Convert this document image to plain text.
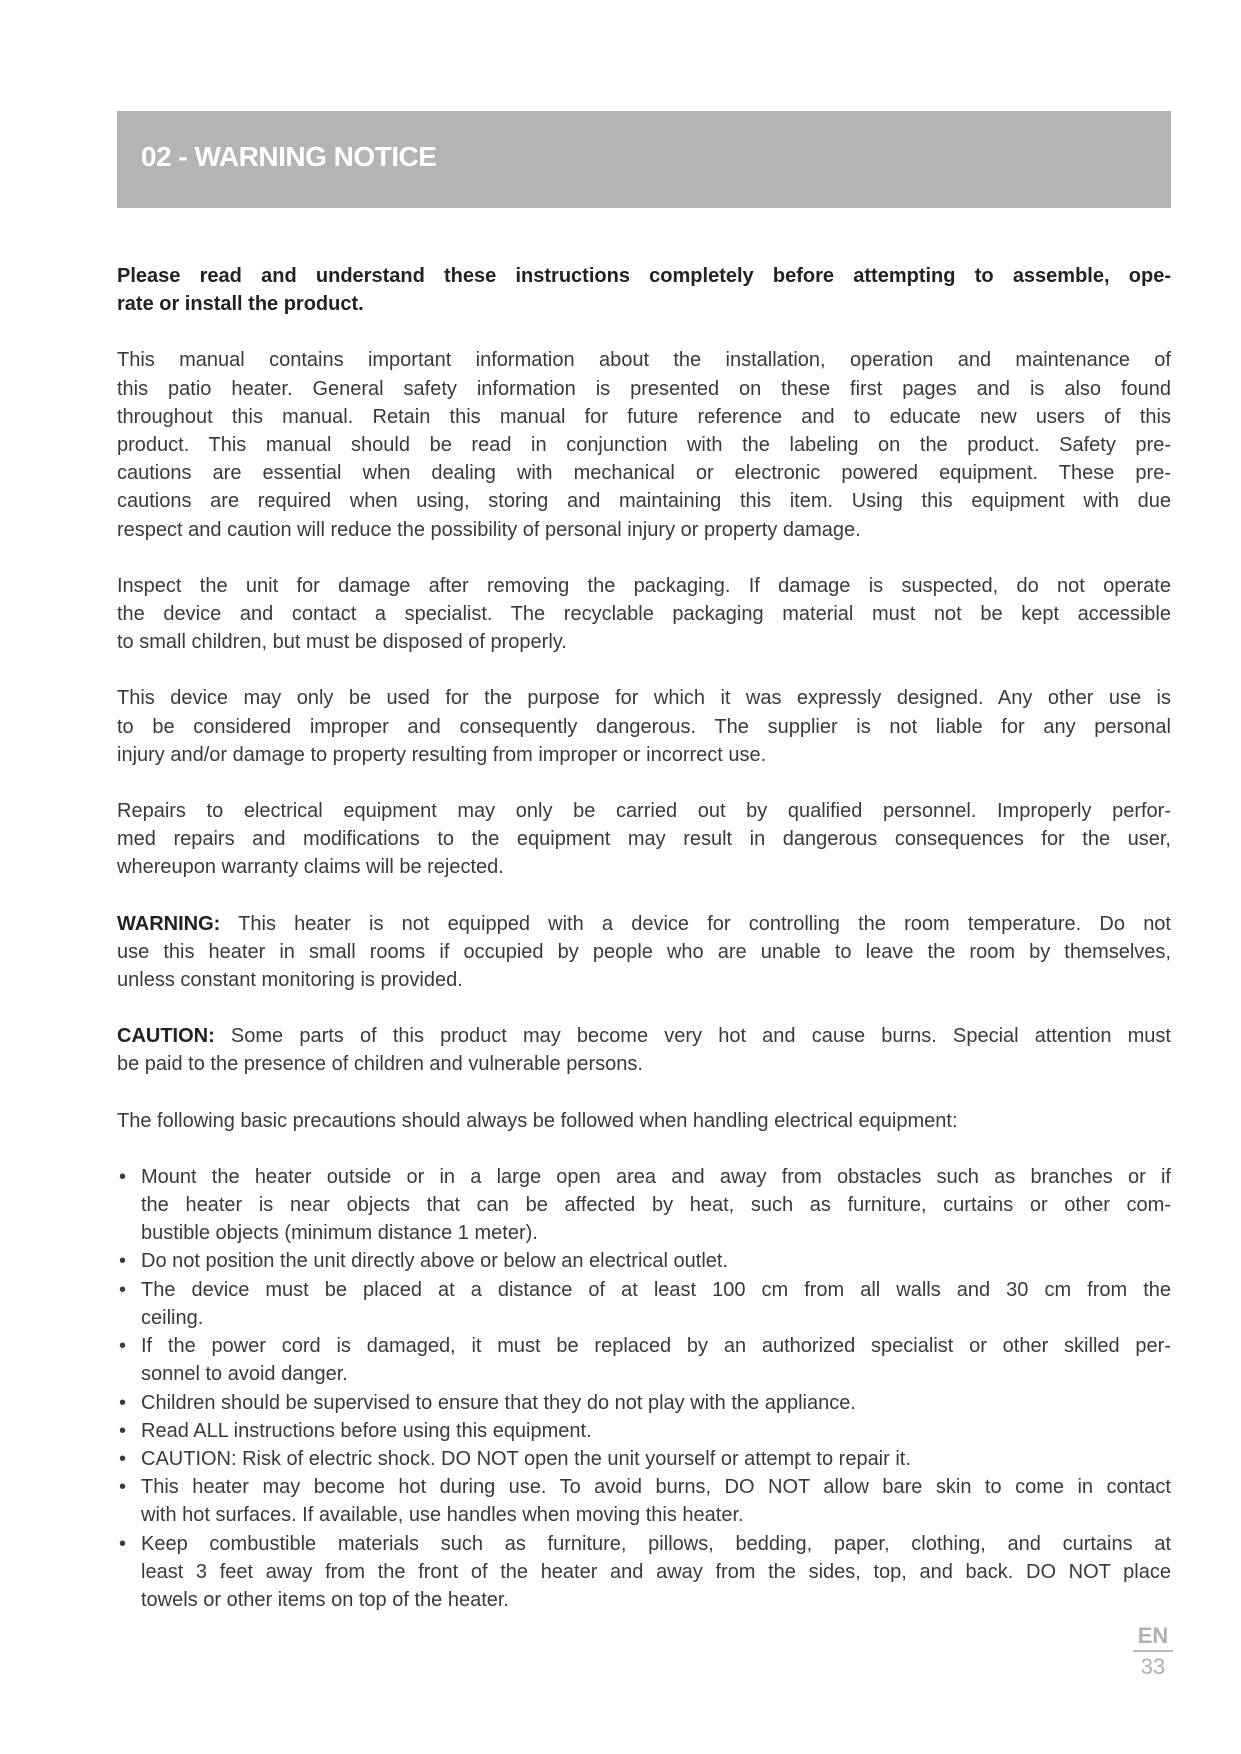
02 - WARNING NOTICE
Please read and understand these instructions completely before attempting to assemble, ope-
rate or install the product.
This manual contains important information about the installation, operation and maintenance of
this patio heater. General safety information is presented on these first pages and is also found
throughout this manual. Retain this manual for future reference and to educate new users of this
product. This manual should be read in conjunction with the labeling on the product. Safety pre-
cautions are essential when dealing with mechanical or electronic powered equipment. These pre-
cautions are required when using, storing and maintaining this item. Using this equipment with due
respect and caution will reduce the possibility of personal injury or property damage.
Inspect the unit for damage after removing the packaging. If damage is suspected, do not operate
the device and contact a specialist. The recyclable packaging material must not be kept accessible
to small children, but must be disposed of properly.
This device may only be used for the purpose for which it was expressly designed. Any other use is
to be considered improper and consequently dangerous. The supplier is not liable for any personal
injury and/or damage to property resulting from improper or incorrect use.
Repairs to electrical equipment may only be carried out by qualified personnel. Improperly perfor-
med repairs and modifications to the equipment may result in dangerous consequences for the user,
whereupon warranty claims will be rejected.
WARNING: This heater is not equipped with a device for controlling the room temperature. Do not
use this heater in small rooms if occupied by people who are unable to leave the room by themselves,
unless constant monitoring is provided.
CAUTION: Some parts of this product may become very hot and cause burns. Special attention must
be paid to the presence of children and vulnerable persons.
The following basic precautions should always be followed when handling electrical equipment:
• Mount the heater outside or in a large open area and away from obstacles such as branches or if
the heater is near objects that can be affected by heat, such as furniture, curtains or other com-
bustible objects (minimum distance 1 meter).
• Do not position the unit directly above or below an electrical outlet.
• The device must be placed at a distance of at least 100 cm from all walls and 30 cm from the
ceiling.
• If the power cord is damaged, it must be replaced by an authorized specialist or other skilled per-
sonnel to avoid danger.
• Children should be supervised to ensure that they do not play with the appliance.
• Read ALL instructions before using this equipment.
• CAUTION: Risk of electric shock. DO NOT open the unit yourself or attempt to repair it.
• This heater may become hot during use. To avoid burns, DO NOT allow bare skin to come in contact
with hot surfaces. If available, use handles when moving this heater.
• Keep combustible materials such as furniture, pillows, bedding, paper, clothing, and curtains at
least 3 feet away from the front of the heater and away from the sides, top, and back. DO NOT place
towels or other items on top of the heater.
EN
33
